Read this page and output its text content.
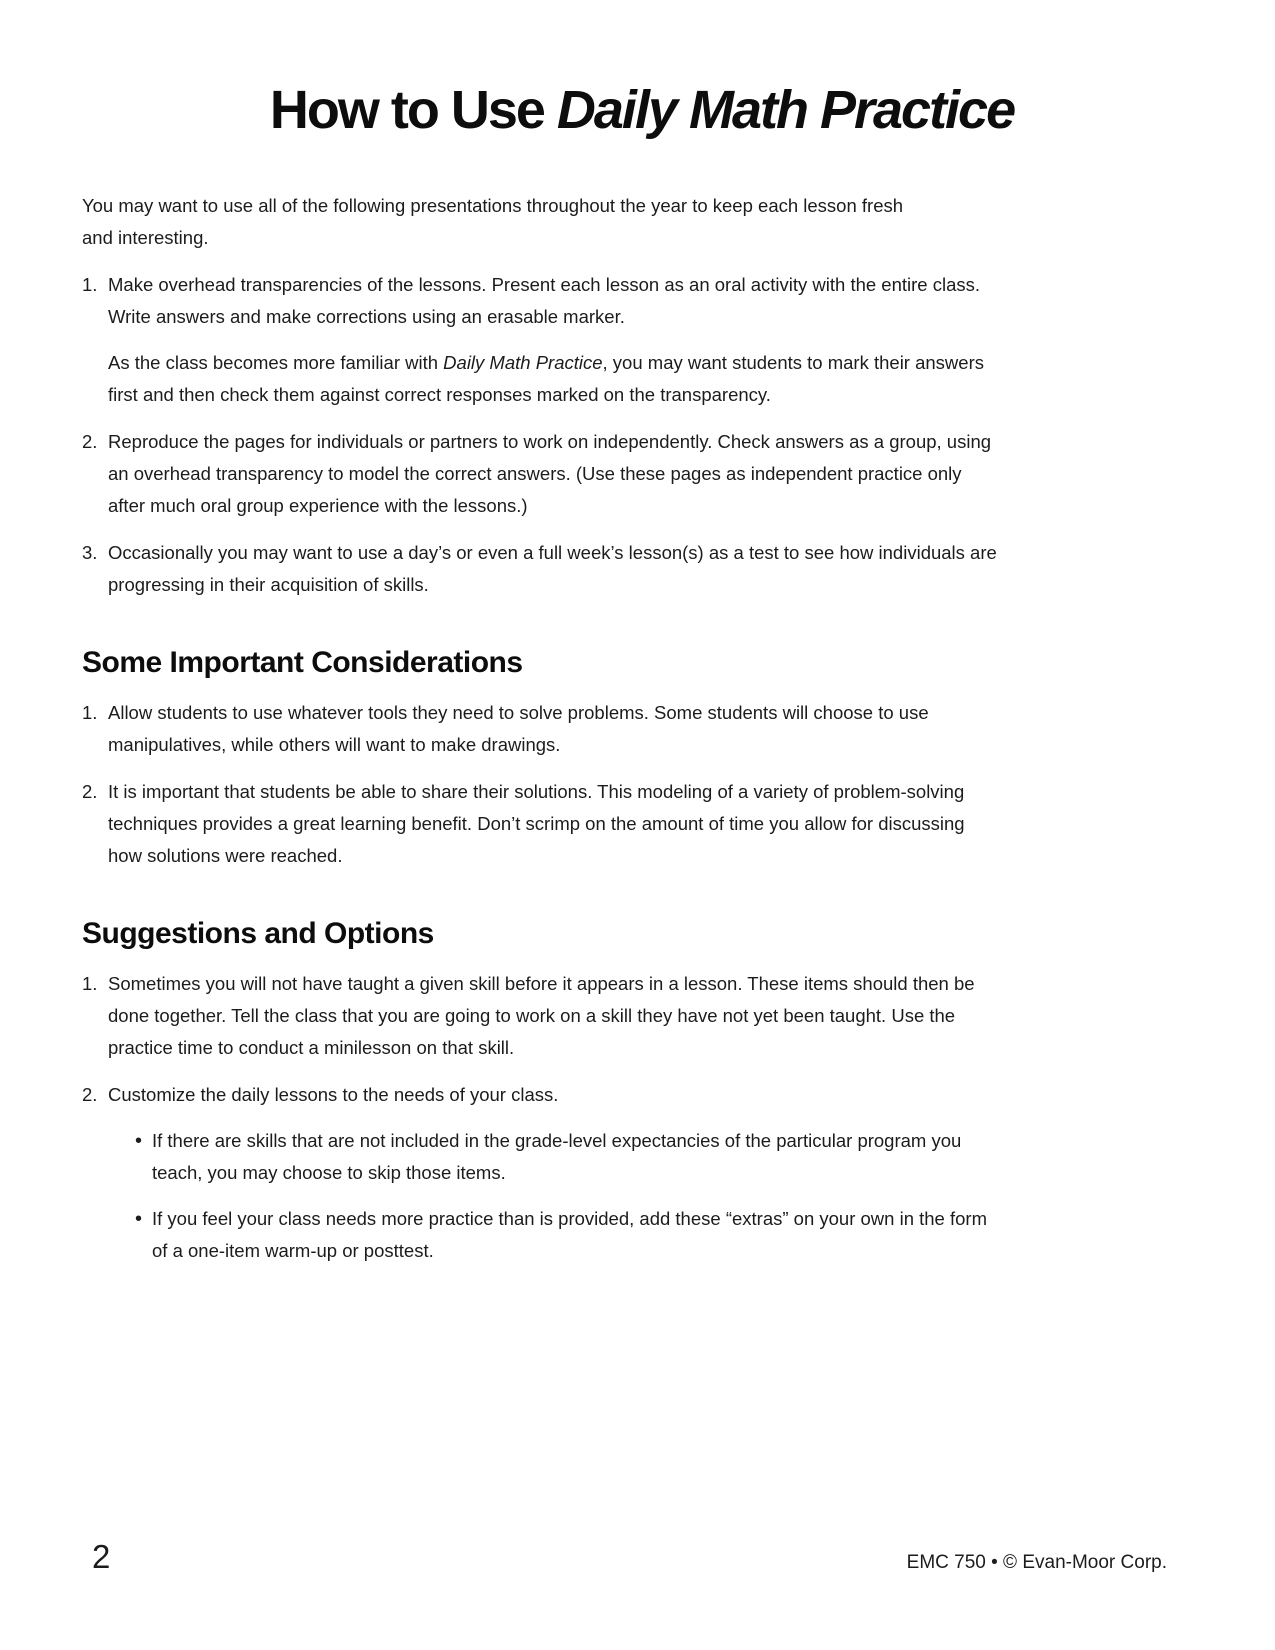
How to Use Daily Math Practice
You may want to use all of the following presentations throughout the year to keep each lesson fresh
and interesting.
1. Make overhead transparencies of the lessons. Present each lesson as an oral activity with the entire class.
Write answers and make corrections using an erasable marker.
As the class becomes more familiar with Daily Math Practice, you may want students to mark their answers
first and then check them against correct responses marked on the transparency.
2. Reproduce the pages for individuals or partners to work on independently. Check answers as a group, using
an overhead transparency to model the correct answers. (Use these pages as independent practice only
after much oral group experience with the lessons.)
3. Occasionally you may want to use a day’s or even a full week’s lesson(s) as a test to see how individuals are
progressing in their acquisition of skills.
Some Important Considerations
1. Allow students to use whatever tools they need to solve problems. Some students will choose to use
manipulatives, while others will want to make drawings.
2. It is important that students be able to share their solutions. This modeling of a variety of problem-solving
techniques provides a great learning benefit. Don’t scrimp on the amount of time you allow for discussing
how solutions were reached.
Suggestions and Options
1. Sometimes you will not have taught a given skill before it appears in a lesson. These items should then be
done together. Tell the class that you are going to work on a skill they have not yet been taught. Use the
practice time to conduct a minilesson on that skill.
2. Customize the daily lessons to the needs of your class.
• If there are skills that are not included in the grade-level expectancies of the particular program you
teach, you may choose to skip those items.
• If you feel your class needs more practice than is provided, add these “extras” on your own in the form
of a one-item warm-up or posttest.
2	EMC 750 • © Evan-Moor Corp.
